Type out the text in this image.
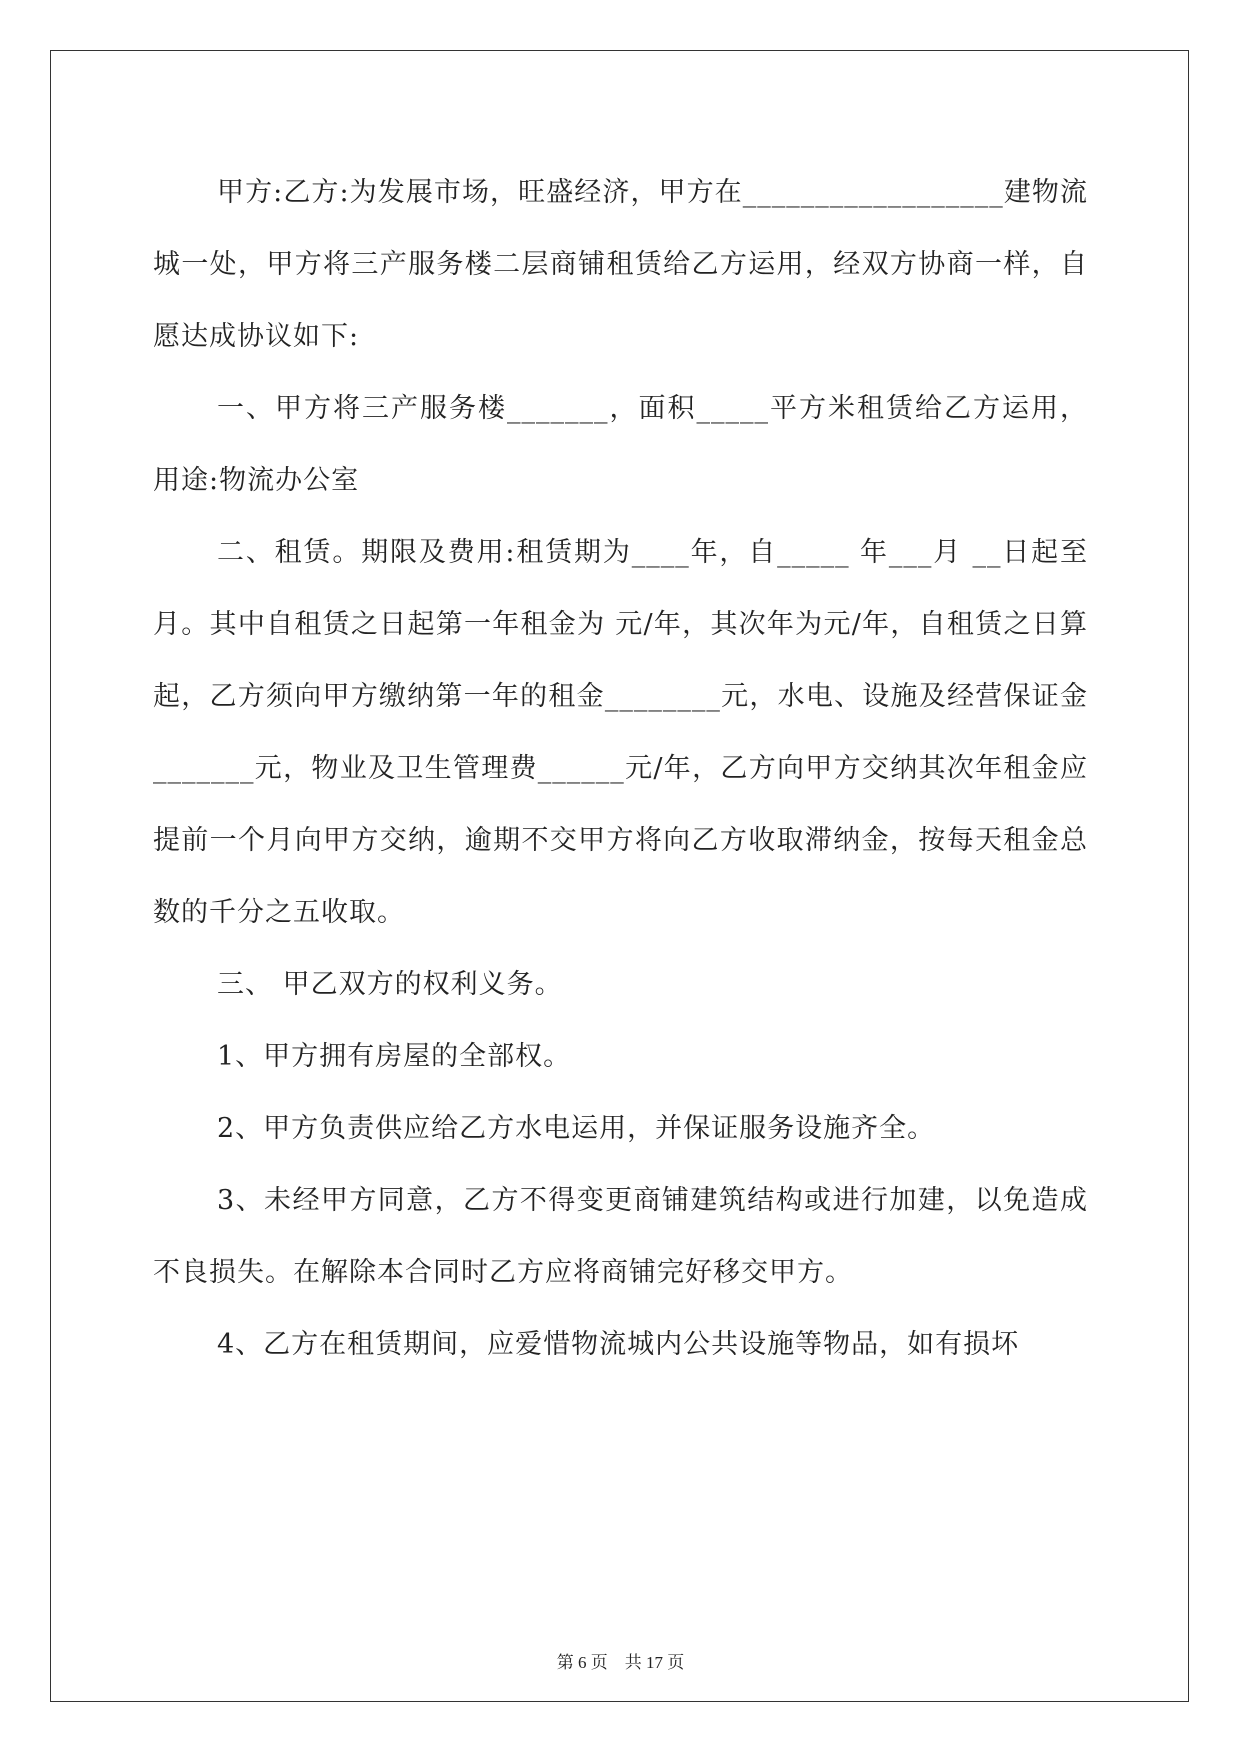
甲方:乙方:为发展市场，旺盛经济，甲方在__________________建物流城一处，甲方将三产服务楼二层商铺租赁给乙方运用，经双方协商一样，自愿达成协议如下:

一、甲方将三产服务楼_______，面积_____平方米租赁给乙方运用，用途:物流办公室

二、租赁。期限及费用:租赁期为____年，自_____ 年___月 __日起至月。其中自租赁之日起第一年租金为 元/年，其次年为元/年，自租赁之日算起，乙方须向甲方缴纳第一年的租金________元，水电、设施及经营保证金_______元，物业及卫生管理费______元/年，乙方向甲方交纳其次年租金应提前一个月向甲方交纳，逾期不交甲方将向乙方收取滞纳金，按每天租金总数的千分之五收取。

三、 甲乙双方的权利义务。

1、甲方拥有房屋的全部权。

2、甲方负责供应给乙方水电运用，并保证服务设施齐全。

3、未经甲方同意，乙方不得变更商铺建筑结构或进行加建，以免造成不良损失。在解除本合同时乙方应将商铺完好移交甲方。

4、乙方在租赁期间，应爱惜物流城内公共设施等物品，如有损坏

第 6 页　共 17 页
